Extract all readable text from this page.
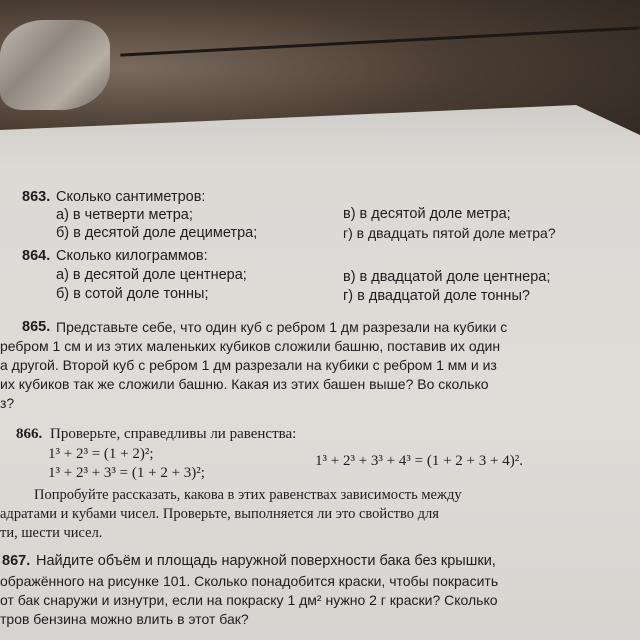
863. Сколько сантиметров:
а) в четверти метра;
б) в десятой доле дециметра;
в) в десятой доле метра;
г) в двадцать пятой доле метра?
864. Сколько килограммов:
а) в десятой доле центнера;
б) в сотой доле тонны;
в) в двадцатой доле центнера;
г) в двадцатой доле тонны?
865. Представьте себе, что один куб с ребром 1 дм разрезали на кубики с
ребром 1 см и из этих маленьких кубиков сложили башню, поставив их один
а другой. Второй куб с ребром 1 дм разрезали на кубики с ребром 1 мм и из
их кубиков так же сложили башню. Какая из этих башен выше? Во сколько
з?
866. Проверьте, справедливы ли равенства:
1³ + 2³ = (1 + 2)²;
1³ + 2³ + 3³ = (1 + 2 + 3)²;
1³ + 2³ + 3³ + 4³ = (1 + 2 + 3 + 4)².
Попробуйте рассказать, какова в этих равенствах зависимость между
адратами и кубами чисел. Проверьте, выполняется ли это свойство для
ти, шести чисел.
867. Найдите объём и площадь наружной поверхности бака без крышки,
ображённого на рисунке 101. Сколько понадобится краски, чтобы покрасить
от бак снаружи и изнутри, если на покраску 1 дм² нужно 2 г краски? Сколько
тров бензина можно влить в этот бак?
